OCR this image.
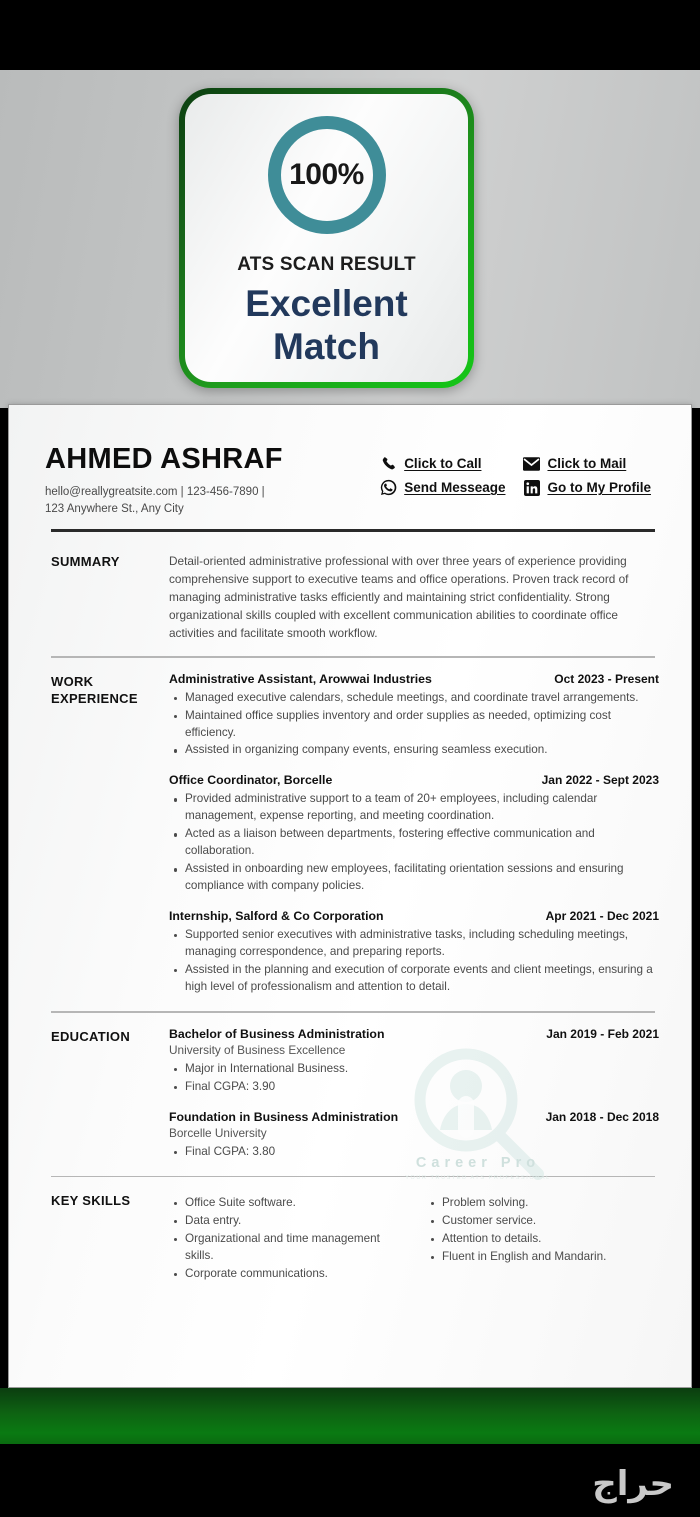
100%
ATS SCAN RESULT
Excellent
Match
AHMED ASHRAF
hello@reallygreatsite.com | 123-456-7890 |
123 Anywhere St., Any City
Click to Call	Click to Mail
Send Messeage	Go to My Profile
SUMMARY	Detail-oriented administrative professional with over three years of experience providing comprehensive support to executive teams and office operations. Proven track record of managing administrative tasks efficiently and maintaining strict confidentiality. Strong organizational skills coupled with excellent communication abilities to coordinate office activities and facilitate smooth workflow.
WORK
EXPERIENCE
Administrative Assistant, Arowwai Industries	Oct 2023 - Present
Managed executive calendars, schedule meetings, and coordinate travel arrangements.
Maintained office supplies inventory and order supplies as needed, optimizing cost efficiency.
Assisted in organizing company events, ensuring seamless execution.
Office Coordinator, Borcelle	Jan 2022 - Sept 2023
Provided administrative support to a team of 20+ employees, including calendar management, expense reporting, and meeting coordination.
Acted as a liaison between departments, fostering effective communication and collaboration.
Assisted in onboarding new employees, facilitating orientation sessions and ensuring compliance with company policies.
Internship, Salford & Co Corporation	Apr 2021 - Dec 2021
Supported senior executives with administrative tasks, including scheduling meetings, managing correspondence, and preparing reports.
Assisted in the planning and execution of corporate events and client meetings, ensuring a high level of professionalism and attention to detail.
EDUCATION	Bachelor of Business Administration	Jan 2019 - Feb 2021
University of Business Excellence
Major in International Business.
Final CGPA: 3.90
Foundation in Business Administration	Jan 2018 - Dec 2018
Borcelle University
Final CGPA: 3.80
KEY SKILLS	Office Suite software.
Data entry.
Organizational and time management skills.
Corporate communications.
Problem solving.
Customer service.
Attention to details.
Fluent in English and Mandarin.
Career Pro
YOUR TRUSTED ATS PROFESSIONAL
حراج
